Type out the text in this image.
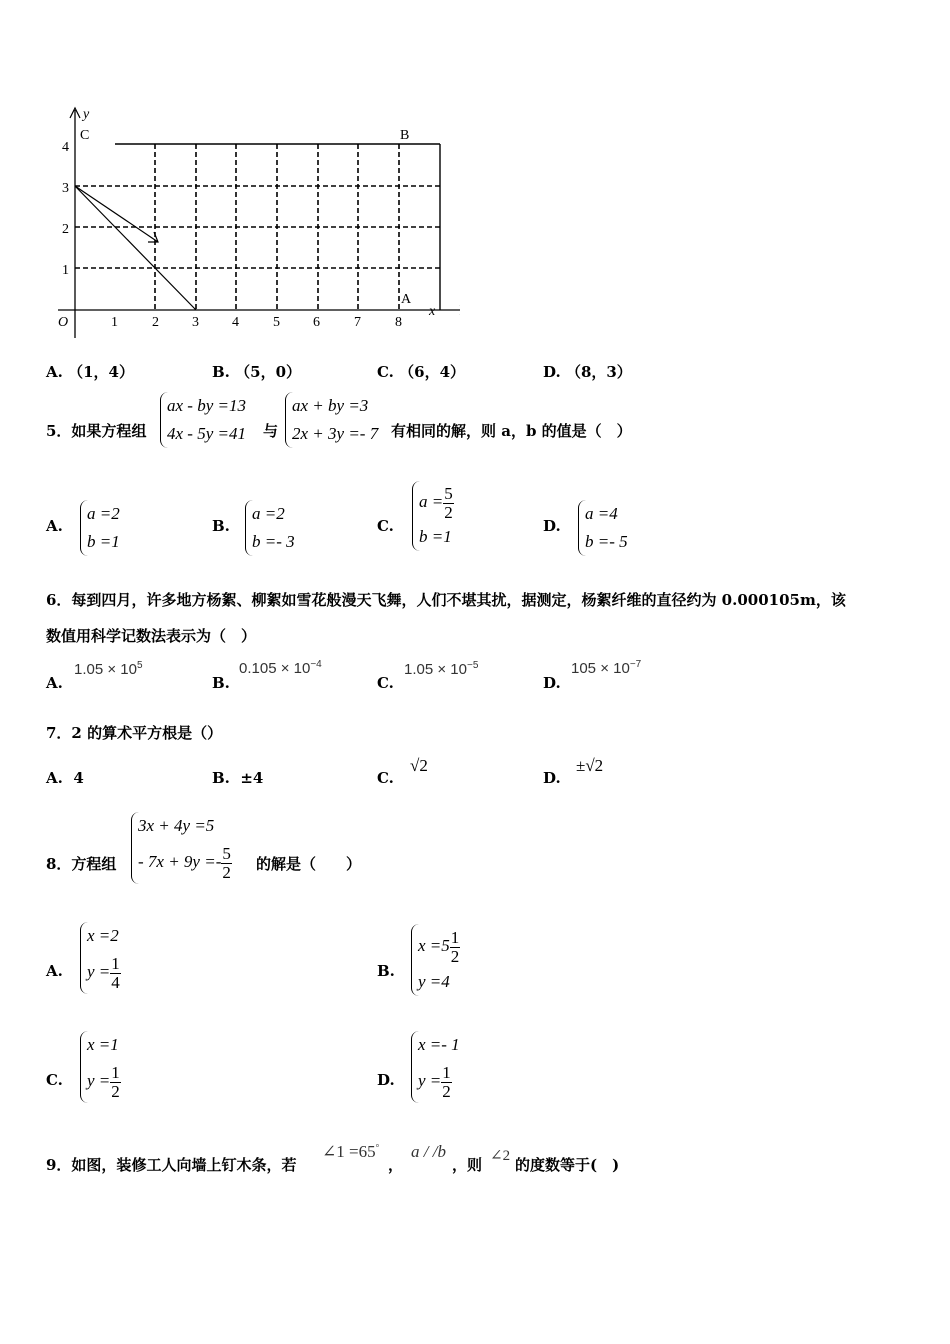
1 2 3 4 5 6 7 8
1
2
3
4
O
x
y
C	B
A
A. （1，4）	B. （5，0）	C. （6，4）	D. （8，3）
5．如果方程组
ax - by =13
4x - 5y =41 与
ax + by =3
2x + 3y =- 7 有相同的解，则 a，b 的值是（　）
A.
a =2
b =1
B.
a =2
b =- 3
C.
$a = \frac{5}{2}$
b =1
D.
a =4
b =- 5
6．每到四月，许多地方杨絮、柳絮如雪花般漫天飞舞，人们不堪其扰，据测定，杨絮纤维的直径约为 0.000105m，该
数值用科学记数法表示为（　）
A.
$1.05 \times 10^5$
B.
$0.105 \times 10^{-4}$
C.
$1.05 \times 10^{-5}$
D.
$105 \times 10^{-7}$
7．2 的算术平方根是（）
A. 4	B. ±4	C.
√2
D.
±√2
8．方程组
3x + 4y =5
- $7x + 9y =- \frac{5}{2}$ 的解是（　　）
A.
x =2
$y = \frac{1}{4}$	B.
$x =5 \frac{1}{2}$
y =4
C.
x =1
$y = \frac{1}{2}$	D.
x =- 1
$y = \frac{1}{2}$
9．如图，装修工人向墙上钉木条，若
∠1 =65°
，
a / /b
，则 ∠2 的度数等于(　)
